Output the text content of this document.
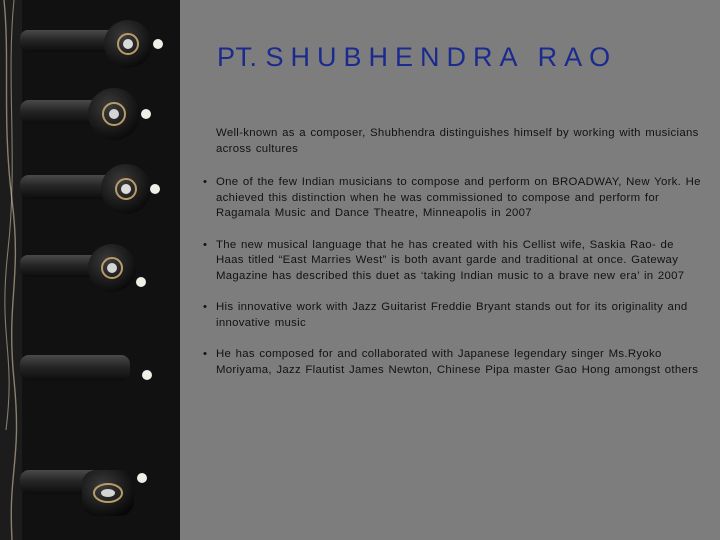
PT. SHUBHENDRA RAO

Well-known as a composer, Shubhendra distinguishes himself by working with musicians across cultures

• One of the few Indian musicians to compose and perform on BROADWAY, New York. He achieved this distinction when he was commissioned to compose and perform for Ragamala Music and Dance Theatre, Minneapolis in 2007
• The new musical language that he has created with his Cellist wife, Saskia Rao- de Haas titled “East Marries West” is both avant garde and traditional at once. Gateway Magazine has described this duet as ‘taking Indian music to a brave new era’ in 2007
• His innovative work with Jazz Guitarist Freddie Bryant stands out for its originality and innovative music
• He has composed for and collaborated with Japanese legendary singer Ms.Ryoko Moriyama, Jazz Flautist James Newton, Chinese Pipa master Gao Hong amongst others
